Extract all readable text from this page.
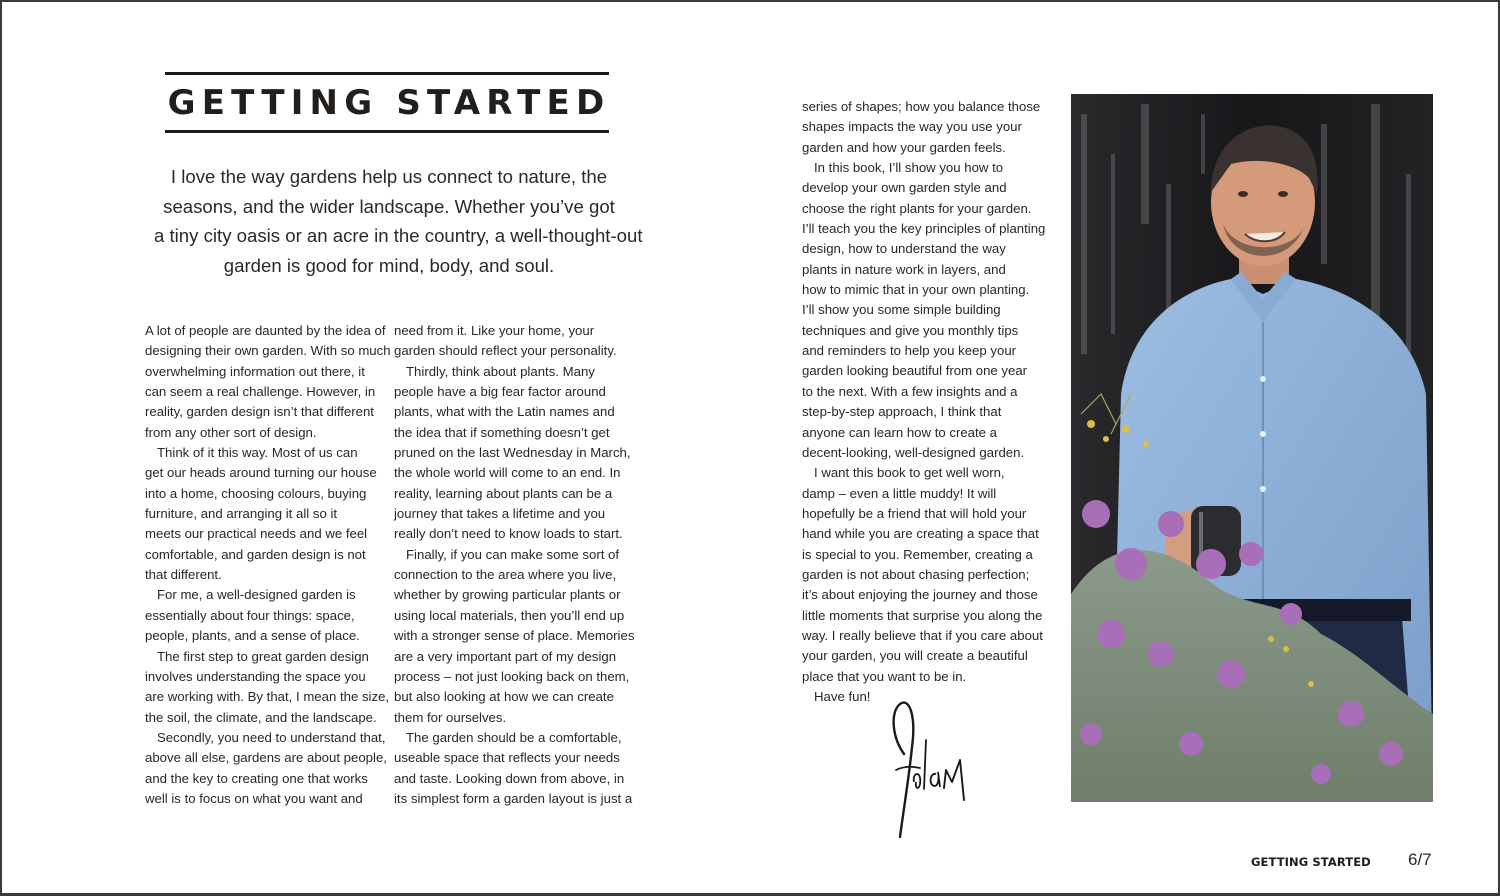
GETTING STARTED
I love the way gardens help us connect to nature, the
seasons, and the wider landscape. Whether you’ve got
a tiny city oasis or an acre in the country, a well-thought-out
garden is good for mind, body, and soul.
A lot of people are daunted by the idea of
designing their own garden. With so much
overwhelming information out there, it
can seem a real challenge. However, in
reality, garden design isn’t that different
from any other sort of design.
Think of it this way. Most of us can
get our heads around turning our house
into a home, choosing colours, buying
furniture, and arranging it all so it
meets our practical needs and we feel
comfortable, and garden design is not
that different.
For me, a well-designed garden is
essentially about four things: space,
people, plants, and a sense of place.
The first step to great garden design
involves understanding the space you
are working with. By that, I mean the size,
the soil, the climate, and the landscape.
Secondly, you need to understand that,
above all else, gardens are about people,
and the key to creating one that works
well is to focus on what you want and
need from it. Like your home, your
garden should reflect your personality.
Thirdly, think about plants. Many
people have a big fear factor around
plants, what with the Latin names and
the idea that if something doesn’t get
pruned on the last Wednesday in March,
the whole world will come to an end. In
reality, learning about plants can be a
journey that takes a lifetime and you
really don’t need to know loads to start.
Finally, if you can make some sort of
connection to the area where you live,
whether by growing particular plants or
using local materials, then you’ll end up
with a stronger sense of place. Memories
are a very important part of my design
process – not just looking back on them,
but also looking at how we can create
them for ourselves.
The garden should be a comfortable,
useable space that reflects your needs
and taste. Looking down from above, in
its simplest form a garden layout is just a
series of shapes; how you balance those
shapes impacts the way you use your
garden and how your garden feels.
In this book, I’ll show you how to
develop your own garden style and
choose the right plants for your garden.
I’ll teach you the key principles of planting
design, how to understand the way
plants in nature work in layers, and
how to mimic that in your own planting.
I’ll show you some simple building
techniques and give you monthly tips
and reminders to help you keep your
garden looking beautiful from one year
to the next. With a few insights and a
step-by-step approach, I think that
anyone can learn how to create a
decent-looking, well-designed garden.
I want this book to get well worn,
damp – even a little muddy! It will
hopefully be a friend that will hold your
hand while you are creating a space that
is special to you. Remember, creating a
garden is not about chasing perfection;
it’s about enjoying the journey and those
little moments that surprise you along the
way. I really believe that if you care about
your garden, you will create a beautiful
place that you want to be in.
Have fun!
GETTING STARTED 6/7
